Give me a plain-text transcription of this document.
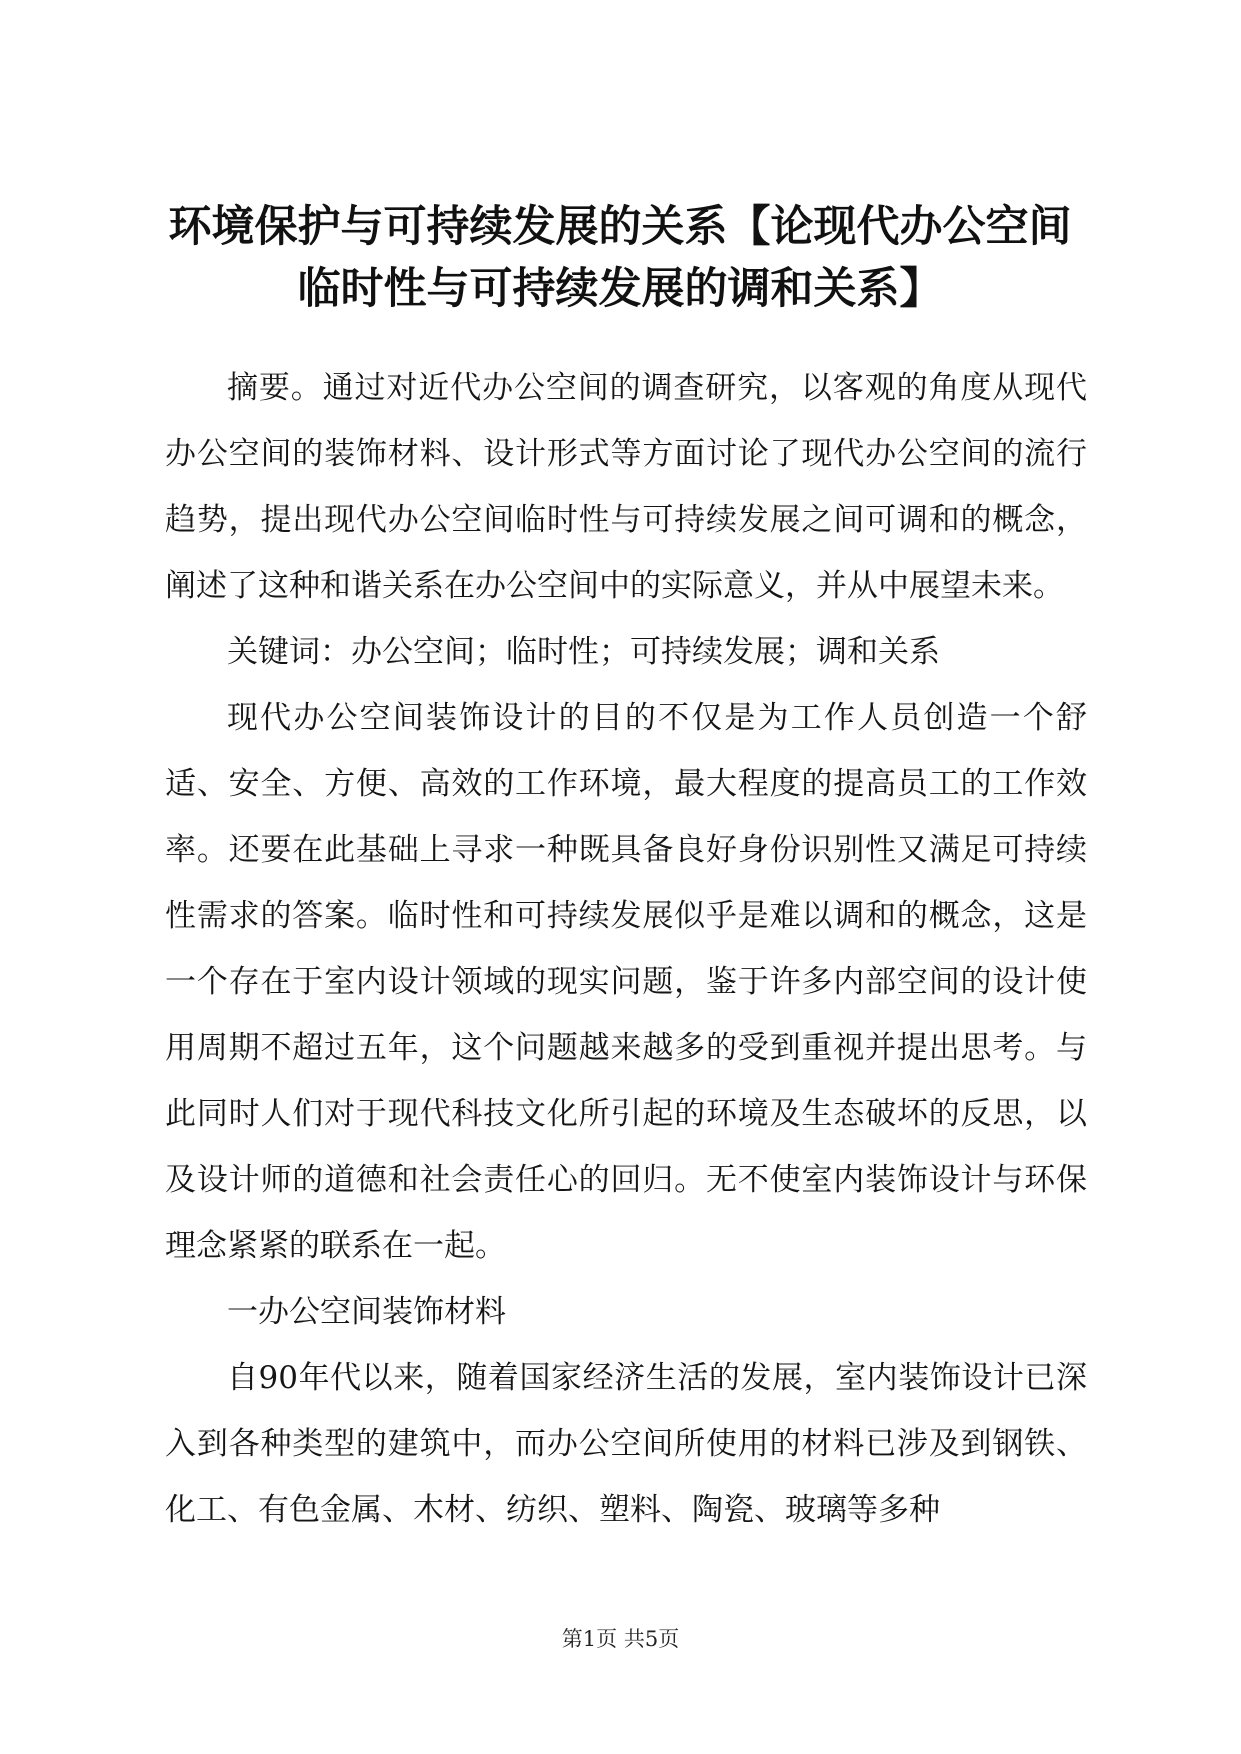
环境保护与可持续发展的关系【论现代办公空间临时性与可持续发展的调和关系】

摘要。通过对近代办公空间的调查研究，以客观的角度从现代办公空间的装饰材料、设计形式等方面讨论了现代办公空间的流行趋势，提出现代办公空间临时性与可持续发展之间可调和的概念，阐述了这种和谐关系在办公空间中的实际意义，并从中展望未来。

关键词：办公空间；临时性；可持续发展；调和关系

现代办公空间装饰设计的目的不仅是为工作人员创造一个舒适、安全、方便、高效的工作环境，最大程度的提高员工的工作效率。还要在此基础上寻求一种既具备良好身份识别性又满足可持续性需求的答案。临时性和可持续发展似乎是难以调和的概念，这是一个存在于室内设计领域的现实问题，鉴于许多内部空间的设计使用周期不超过五年，这个问题越来越多的受到重视并提出思考。与此同时人们对于现代科技文化所引起的环境及生态破坏的反思，以及设计师的道德和社会责任心的回归。无不使室内装饰设计与环保理念紧紧的联系在一起。

一办公空间装饰材料

自90年代以来，随着国家经济生活的发展，室内装饰设计已深入到各种类型的建筑中，而办公空间所使用的材料已涉及到钢铁、化工、有色金属、木材、纺织、塑料、陶瓷、玻璃等多种

第1页 共5页
